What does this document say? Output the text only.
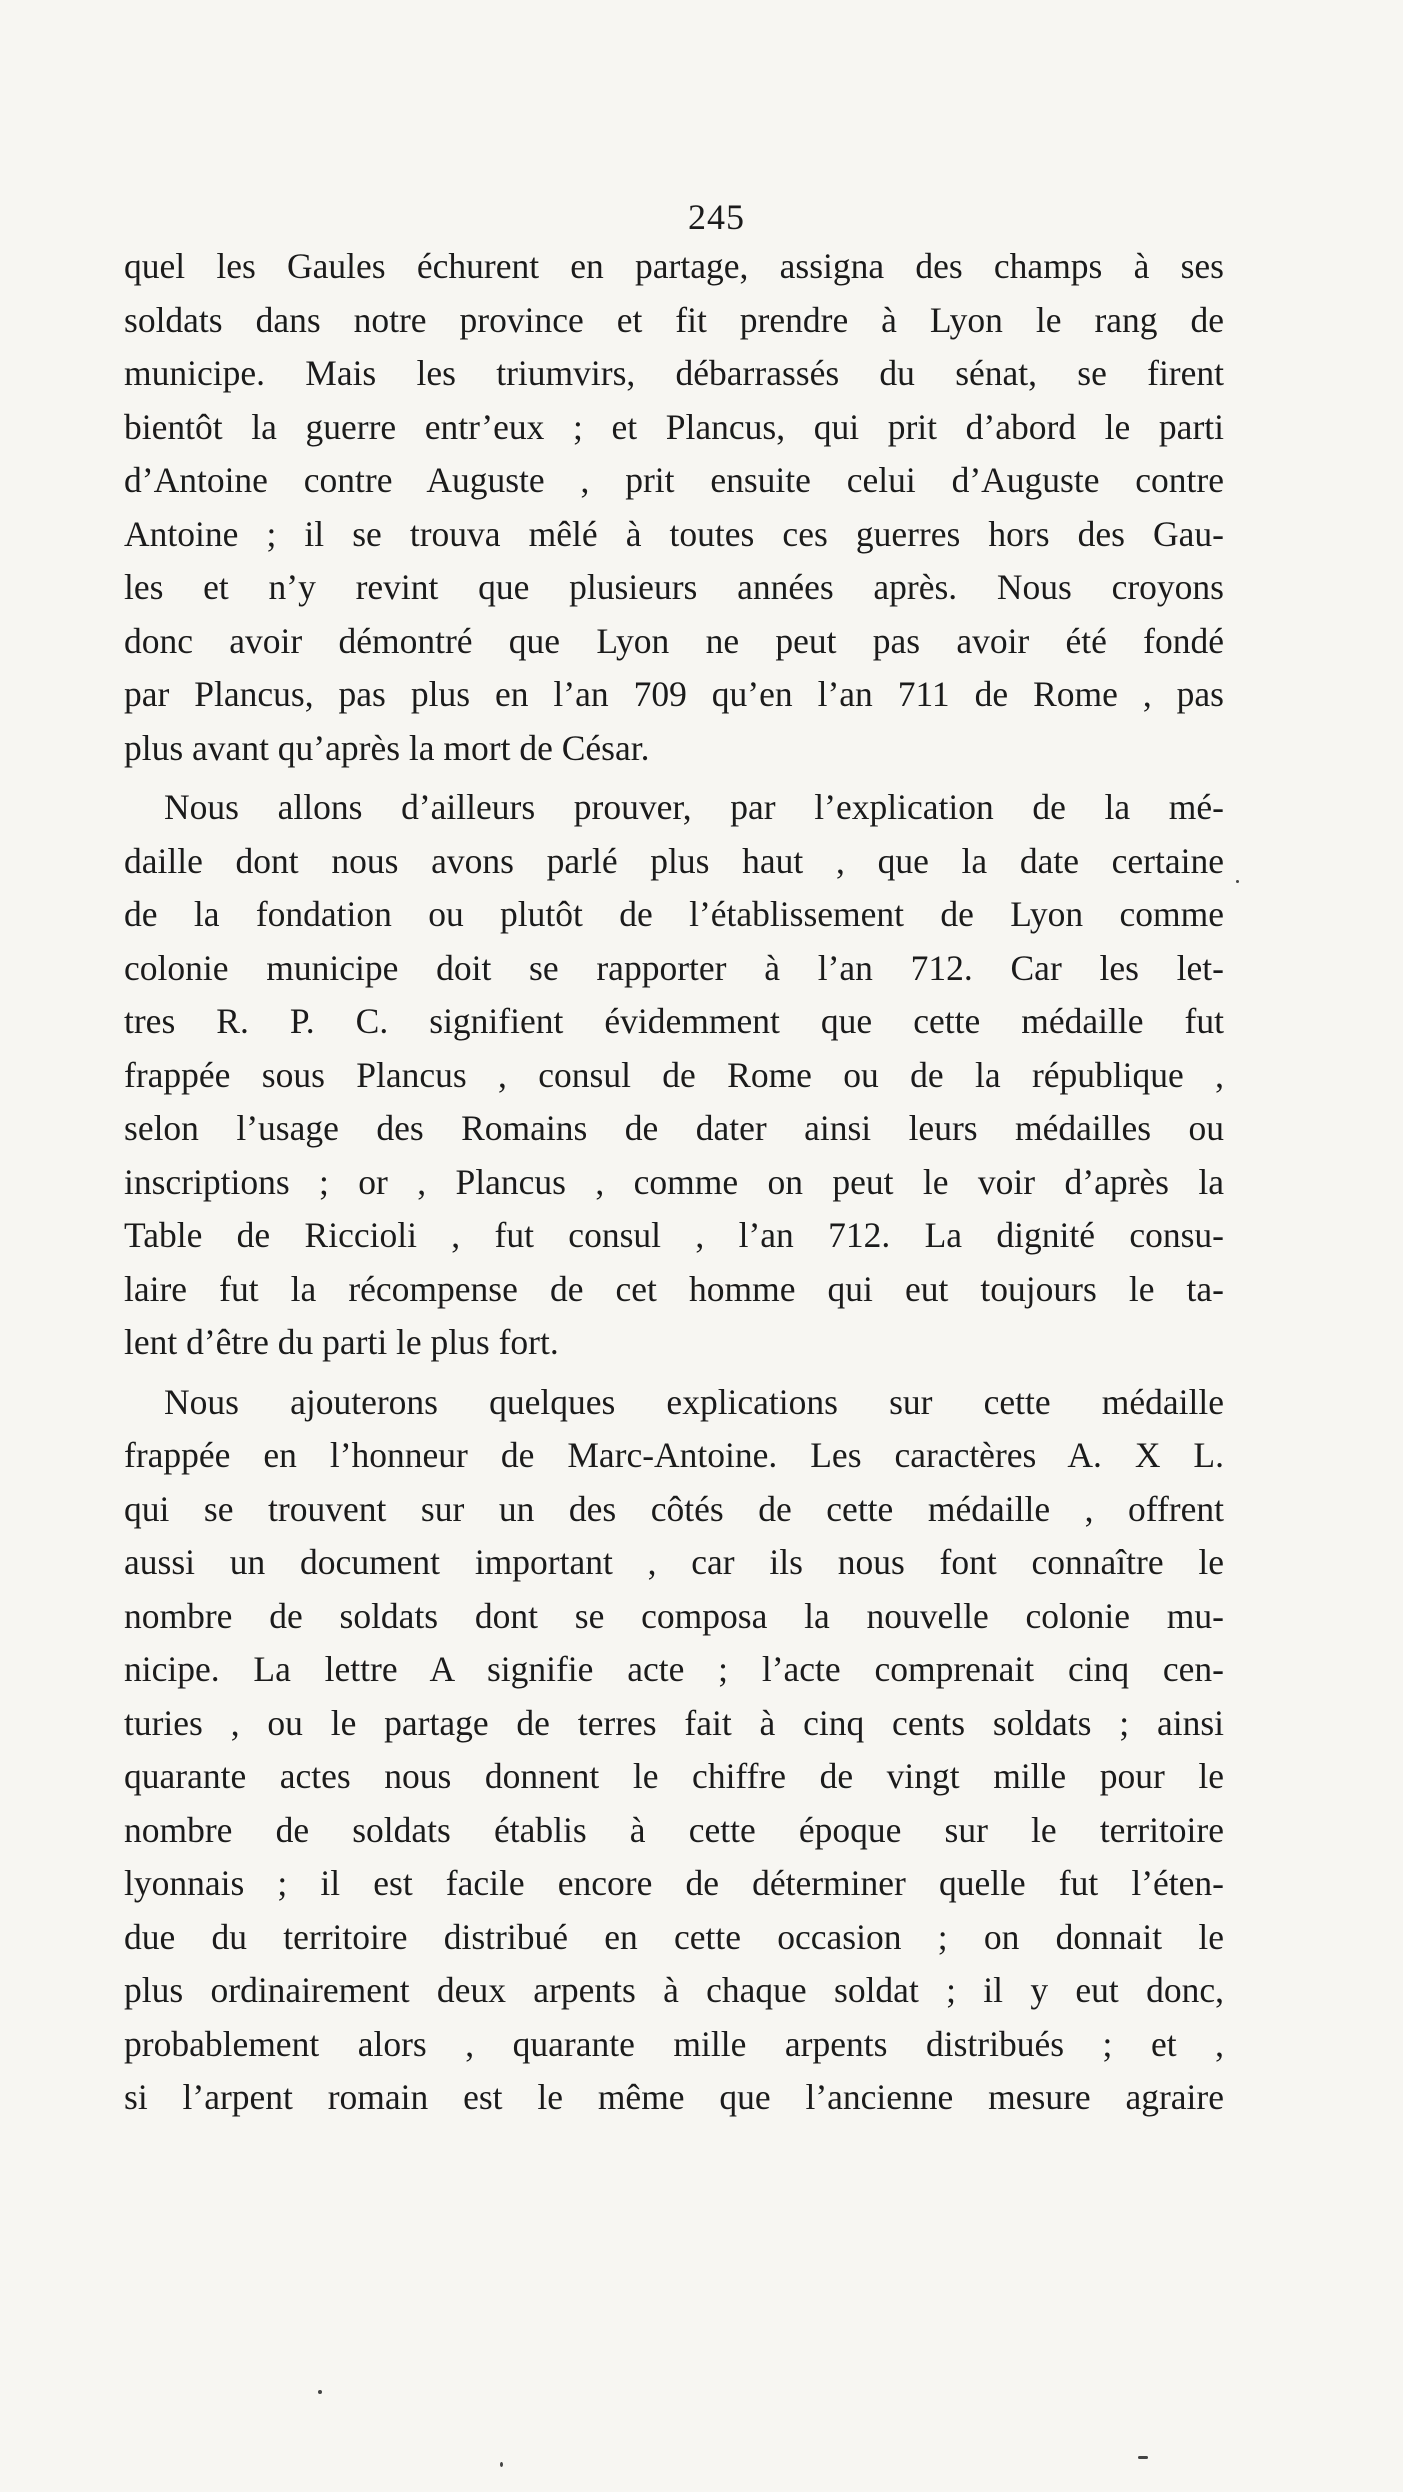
245
quel les Gaules échurent en partage, assigna des champs à ses
soldats dans notre province et fit prendre à Lyon le rang de
municipe. Mais les triumvirs, débarrassés du sénat, se firent
bientôt la guerre entr’eux ; et Plancus, qui prit d’abord le parti
d’Antoine contre Auguste , prit ensuite celui d’Auguste contre
Antoine ; il se trouva mêlé à toutes ces guerres hors des Gau-
les et n’y revint que plusieurs années après. Nous croyons
donc avoir démontré que Lyon ne peut pas avoir été fondé
par Plancus, pas plus en l’an 709 qu’en l’an 711 de Rome , pas
plus avant qu’après la mort de César.
Nous allons d’ailleurs prouver, par l’explication de la mé-
daille dont nous avons parlé plus haut , que la date certaine
de la fondation ou plutôt de l’établissement de Lyon comme
colonie municipe doit se rapporter à l’an 712. Car les let-
tres R. P. C. signifient évidemment que cette médaille fut
frappée sous Plancus , consul de Rome ou de la république ,
selon l’usage des Romains de dater ainsi leurs médailles ou
inscriptions ; or , Plancus , comme on peut le voir d’après la
Table de Riccioli , fut consul , l’an 712. La dignité consu-
laire fut la récompense de cet homme qui eut toujours le ta-
lent d’être du parti le plus fort.
Nous ajouterons quelques explications sur cette médaille
frappée en l’honneur de Marc-Antoine. Les caractères A. X L.
qui se trouvent sur un des côtés de cette médaille , offrent
aussi un document important , car ils nous font connaître le
nombre de soldats dont se composa la nouvelle colonie mu-
nicipe. La lettre A signifie acte ; l’acte comprenait cinq cen-
turies , ou le partage de terres fait à cinq cents soldats ; ainsi
quarante actes nous donnent le chiffre de vingt mille pour le
nombre de soldats établis à cette époque sur le territoire
lyonnais ; il est facile encore de déterminer quelle fut l’éten-
due du territoire distribué en cette occasion ; on donnait le
plus ordinairement deux arpents à chaque soldat ; il y eut donc,
probablement alors , quarante mille arpents distribués ; et ,
si l’arpent romain est le même que l’ancienne mesure agraire
